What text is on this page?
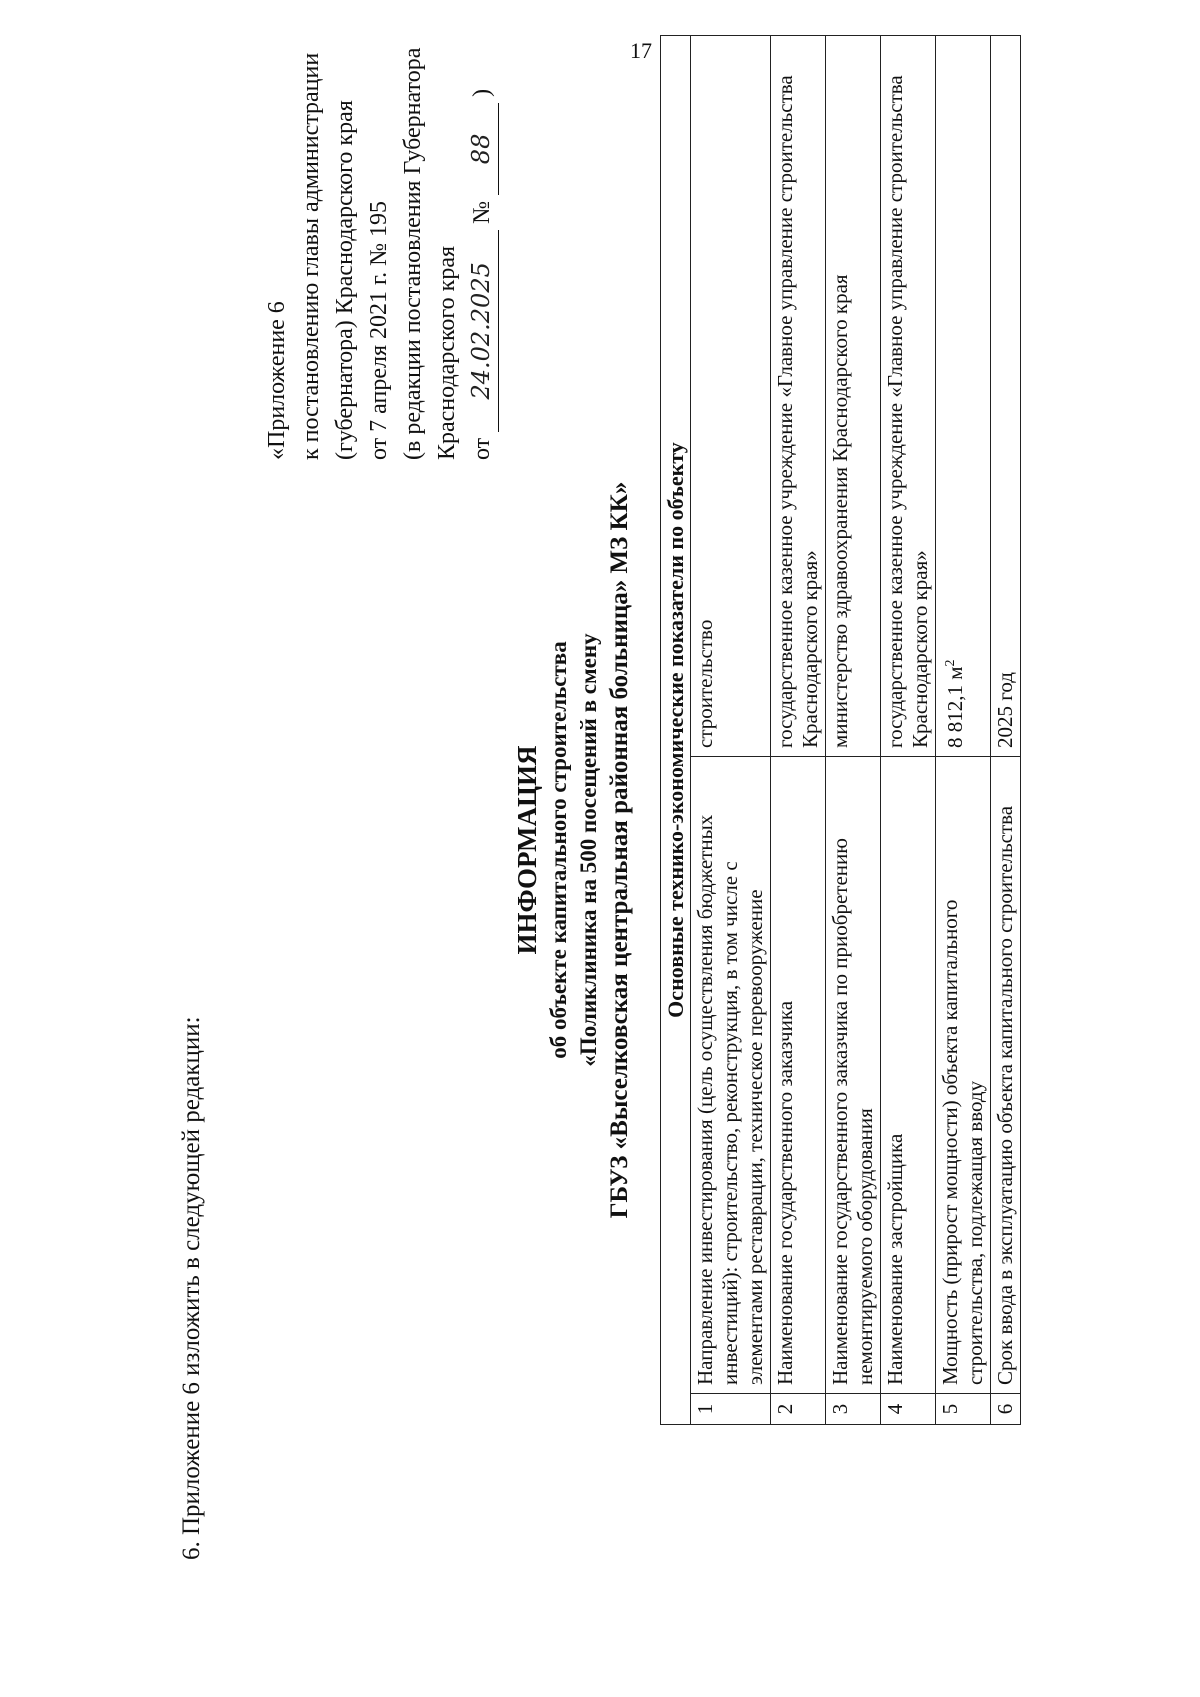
17
6. Приложение 6 изложить в следующей редакции:
«Приложение 6 к постановлению главы администрации (губернатора) Краснодарского края от 7 апреля 2021 г. № 195 (в редакции постановления Губернатора Краснодарского края от 24.02.2025 № 88 )
ИНФОРМАЦИЯ об объекте капитального строительства «Поликлиника на 500 посещений в смену ГБУЗ «Выселковская центральная районная больница» МЗ КК» Основные технико-экономические показатели по объекту		
1	Направление инвестирования (цель осуществления бюджетных инвестиций): строительство, реконструкция, в том числе с элементами реставрации, техническое перевооружение	строительство
2	Наименование государственного заказчика	государственное казенное учреждение «Главное управление строительства Краснодарского края»
3	Наименование государственного заказчика по приобретению немонтируемого оборудования	министерство здравоохранения Краснодарского края
4	Наименование застройщика	государственное казенное учреждение «Главное управление строительства Краснодарского края»
5	Мощность (прирост мощности) объекта капитального строительства, подлежащая вводу	8 812,1 $м^2$
6	Срок ввода в эксплуатацию объекта капитального строительства	2025 год
